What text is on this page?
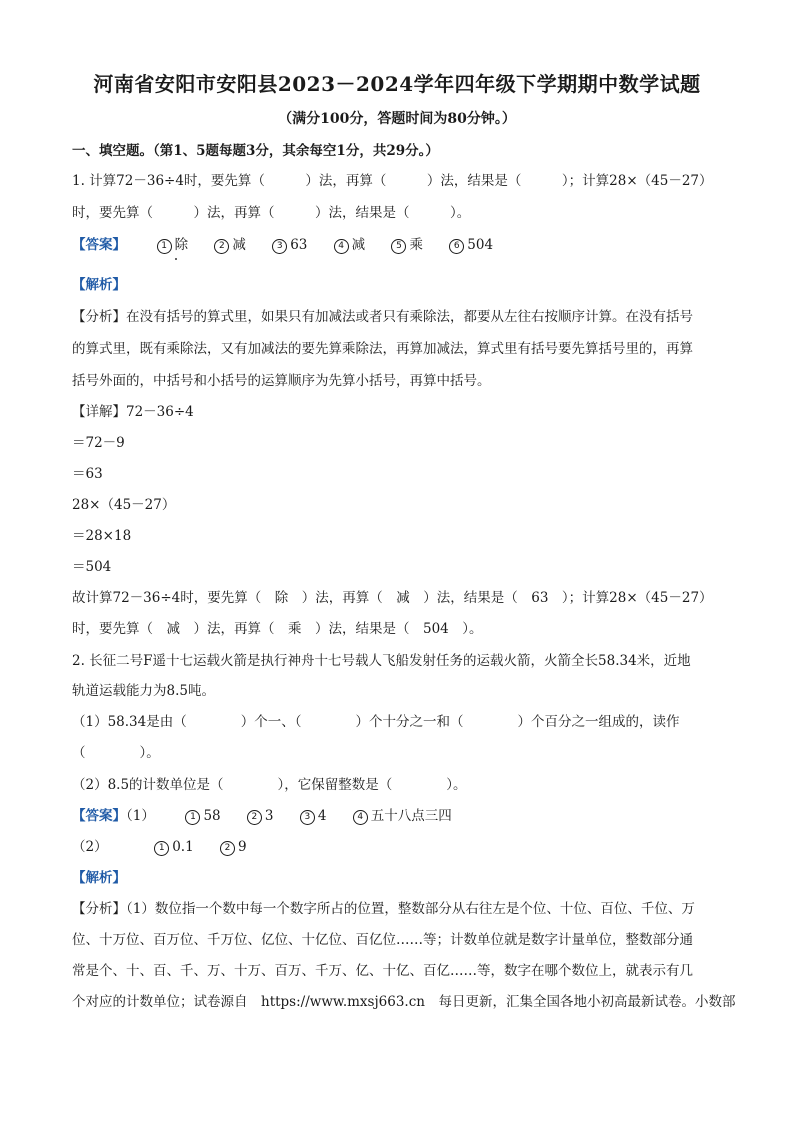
河南省安阳市安阳县2023－2024学年四年级下学期期中数学试题
（满分100分，答题时间为80分钟。）
一、填空题。（第1、5题每题3分，其余每空1分，共29分。）
1. 计算72－36÷4时，要先算（　　　）法，再算（　　　）法，结果是（　　　）；计算28×（45－27）
时，要先算（　　　）法，再算（　　　）法，结果是（　　　）。
【答案】	1 除	2 减	3 63	4 减	5 乘	6 504
【解析】
【分析】在没有括号的算式里，如果只有加减法或者只有乘除法，都要从左往右按顺序计算。在没有括号
的算式里，既有乘除法，又有加减法的要先算乘除法，再算加减法，算式里有括号要先算括号里的，再算
括号外面的，中括号和小括号的运算顺序为先算小括号，再算中括号。
【详解】72－36÷4
＝72－9
＝63
28×（45－27）
＝28×18
＝504
故计算72－36÷4时，要先算（　除　）法，再算（　减　）法，结果是（　63　）；计算28×（45－27）
时，要先算（　减　）法，再算（　乘　）法，结果是（　504　）。
2. 长征二号F遥十七运载火箭是执行神舟十七号载人飞船发射任务的运载火箭，火箭全长58.34米，近地
轨道运载能力为8.5吨。
（1）58.34是由（　　　　）个一、（　　　　）个十分之一和（　　　　）个百分之一组成的，读作
（　　　　）。
（2）8.5的计数单位是（　　　　），它保留整数是（　　　　）。
【答案】（1）	1 58	2 3	3 4	4 五十八点三四
（2）	1 0.1	2 9
【解析】
【分析】（1）数位指一个数中每一个数字所占的位置，整数部分从右往左是个位、十位、百位、千位、万
位、十万位、百万位、千万位、亿位、十亿位、百亿位……等；计数单位就是数字计量单位，整数部分通
常是个、十、百、千、万、十万、百万、千万、亿、十亿、百亿……等，数字在哪个数位上，就表示有几
个对应的计数单位；试卷源自　https://www.mxsj663.cn　每日更新，汇集全国各地小初高最新试卷。小数部
